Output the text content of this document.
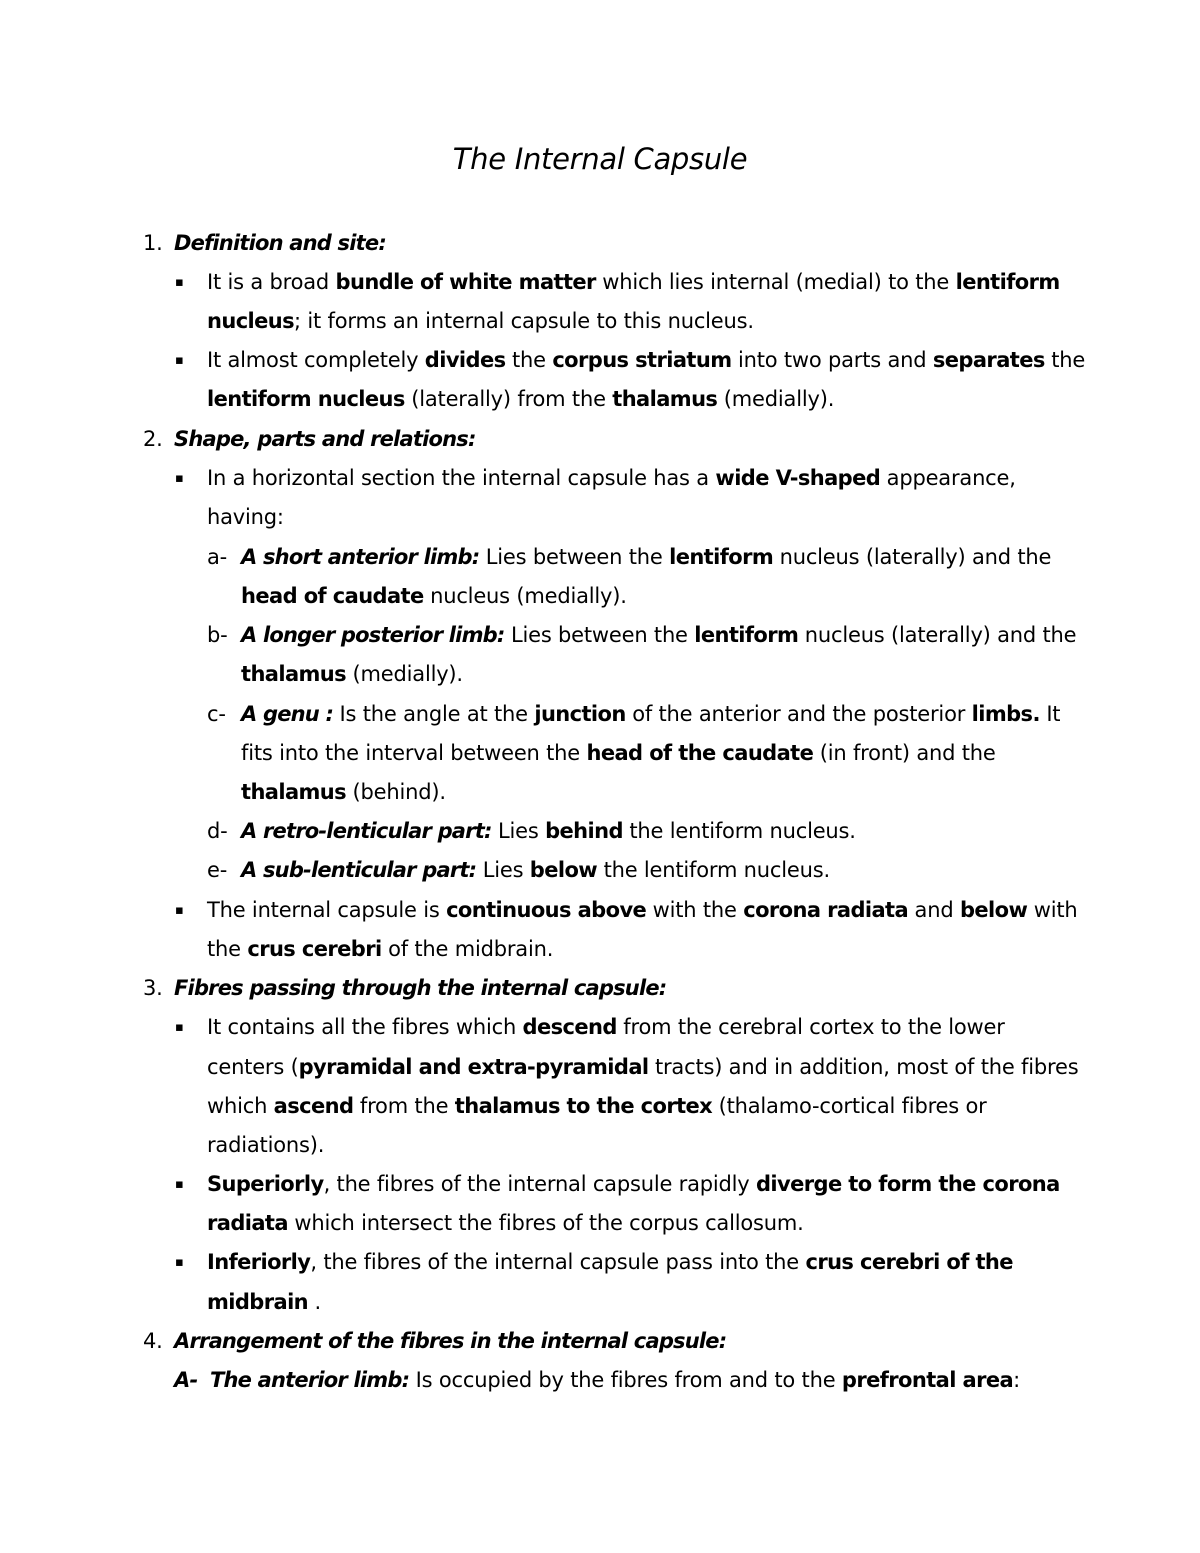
The Internal Capsule
1. Definition and site:
▪ It is a broad bundle of white matter which lies internal (medial) to the lentiform
nucleus; it forms an internal capsule to this nucleus.
▪ It almost completely divides the corpus striatum into two parts and separates the
lentiform nucleus (laterally) from the thalamus (medially).
2. Shape, parts and relations:
▪ In a horizontal section the internal capsule has a wide V-shaped appearance,
having:
a- A short anterior limb: Lies between the lentiform nucleus (laterally) and the
head of caudate nucleus (medially).
b- A longer posterior limb: Lies between the lentiform nucleus (laterally) and the
thalamus (medially).
c- A genu : Is the angle at the junction of the anterior and the posterior limbs. It
fits into the interval between the head of the caudate (in front) and the
thalamus (behind).
d- A retro-lenticular part: Lies behind the lentiform nucleus.
e- A sub-lenticular part: Lies below the lentiform nucleus.
▪ The internal capsule is continuous above with the corona radiata and below with
the crus cerebri of the midbrain.
3. Fibres passing through the internal capsule:
▪ It contains all the fibres which descend from the cerebral cortex to the lower
centers (pyramidal and extra-pyramidal tracts) and in addition, most of the fibres
which ascend from the thalamus to the cortex (thalamo-cortical fibres or
radiations).
▪ Superiorly, the fibres of the internal capsule rapidly diverge to form the corona
radiata which intersect the fibres of the corpus callosum.
▪ Inferiorly, the fibres of the internal capsule pass into the crus cerebri of the
midbrain .
4. Arrangement of the fibres in the internal capsule:
A- The anterior limb: Is occupied by the fibres from and to the prefrontal area:
